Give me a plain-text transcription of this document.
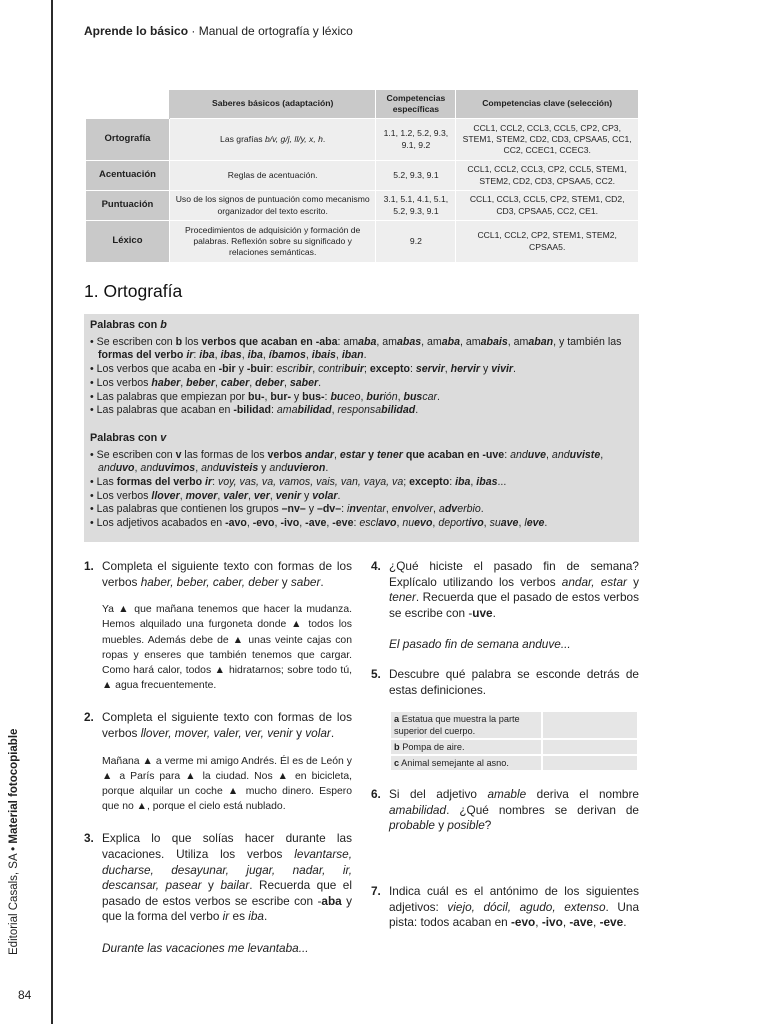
Editorial Casals, SA • Material fotocopiable
84
Aprende lo básico · Manual de ortografía y léxico
	Saberes básicos (adaptación)	Competencias específicas	Competencias clave (selección)
Ortografía	Las grafías b/v, g/j, ll/y, x, h.	1.1, 1.2, 5.2, 9.3, 9.1, 9.2	CCL1, CCL2, CCL3, CCL5, CP2, CP3, STEM1, STEM2, CD2, CD3, CPSAA5, CC1, CC2, CCEC1, CCEC3.
Acentuación	Reglas de acentuación.	5.2, 9.3, 9.1	CCL1, CCL2, CCL3, CP2, CCL5, STEM1, STEM2, CD2, CD3, CPSAA5, CC2.
Puntuación	Uso de los signos de puntuación como mecanismo organizador del texto escrito.	3.1, 5.1, 4.1, 5.1, 5.2, 9.3, 9.1	CCL1, CCL3, CCL5, CP2, STEM1, CD2, CD3, CPSAA5, CC2, CE1.
Léxico	Procedimientos de adquisición y formación de palabras. Reflexión sobre su significado y relaciones semánticas.	9.2	CCL1, CCL2, CP2, STEM1, STEM2, CPSAA5.
1. Ortografía
Palabras con b
• Se escriben con b los verbos que acaban en -aba: amaba, amabas, amaba, amabais, amaban, y también las formas del verbo ir: iba, ibas, iba, íbamos, ibais, iban.
• Los verbos que acaba en -bir y -buir: escribir, contribuir; excepto: servir, hervir y vivir.
• Los verbos haber, beber, caber, deber, saber.
• Las palabras que empiezan por bu-, bur- y bus-: buceo, burión, buscar.
• Las palabras que acaban en -bilidad: amabilidad, responsabilidad.
Palabras con v
• Se escriben con v las formas de los verbos andar, estar y tener que acaban en -uve: anduve, anduviste, anduvo, anduvimos, anduvisteis y anduvieron.
• Las formas del verbo ir: voy, vas, va, vamos, vais, van, vaya, va; excepto: iba, ibas...
• Los verbos llover, mover, valer, ver, venir y volar.
• Las palabras que contienen los grupos –nv– y –dv–: inventar, envolver, adverbio.
• Los adjetivos acabados en -avo, -evo, -ivo, -ave, -eve: esclavo, nuevo, deportivo, suave, leve.
1. Completa el siguiente texto con formas de los verbos haber, beber, caber, deber y saber.
Ya ▲ que mañana tenemos que hacer la mudanza. Hemos alquilado una furgoneta donde ▲ todos los muebles. Además debe de ▲ unas veinte cajas con ropas y enseres que también tenemos que cargar. Como hará calor, todos ▲ hidratarnos; sobre todo tú, ▲ agua frecuentemente.
2. Completa el siguiente texto con formas de los verbos llover, mover, valer, ver, venir y volar.
Mañana ▲ a verme mi amigo Andrés. Él es de León y ▲ a París para ▲ la ciudad. Nos ▲ en bicicleta, porque alquilar un coche ▲ mucho dinero. Espero que no ▲, porque el cielo está nublado.
3. Explica lo que solías hacer durante las vacaciones. Utiliza los verbos levantarse, ducharse, desayunar, jugar, nadar, ir, descansar, pasear y bailar. Recuerda que el pasado de estos verbos se escribe con -aba y que la forma del verbo ir es iba.
Durante las vacaciones me levantaba...
4. ¿Qué hiciste el pasado fin de semana? Explícalo utilizando los verbos andar, estar y tener. Recuerda que el pasado de estos verbos se escribe con -uve.
El pasado fin de semana anduve...
5. Descubre qué palabra se esconde detrás de estas definiciones.
a Estatua que muestra la parte superior del cuerpo.	
b Pompa de aire.	
c Animal semejante al asno.	
6. Si del adjetivo amable deriva el nombre amabilidad. ¿Qué nombres se derivan de probable y posible?
7. Indica cuál es el antónimo de los siguientes adjetivos: viejo, dócil, agudo, extenso. Una pista: todos acaban en -evo, -ivo, -ave, -eve.
